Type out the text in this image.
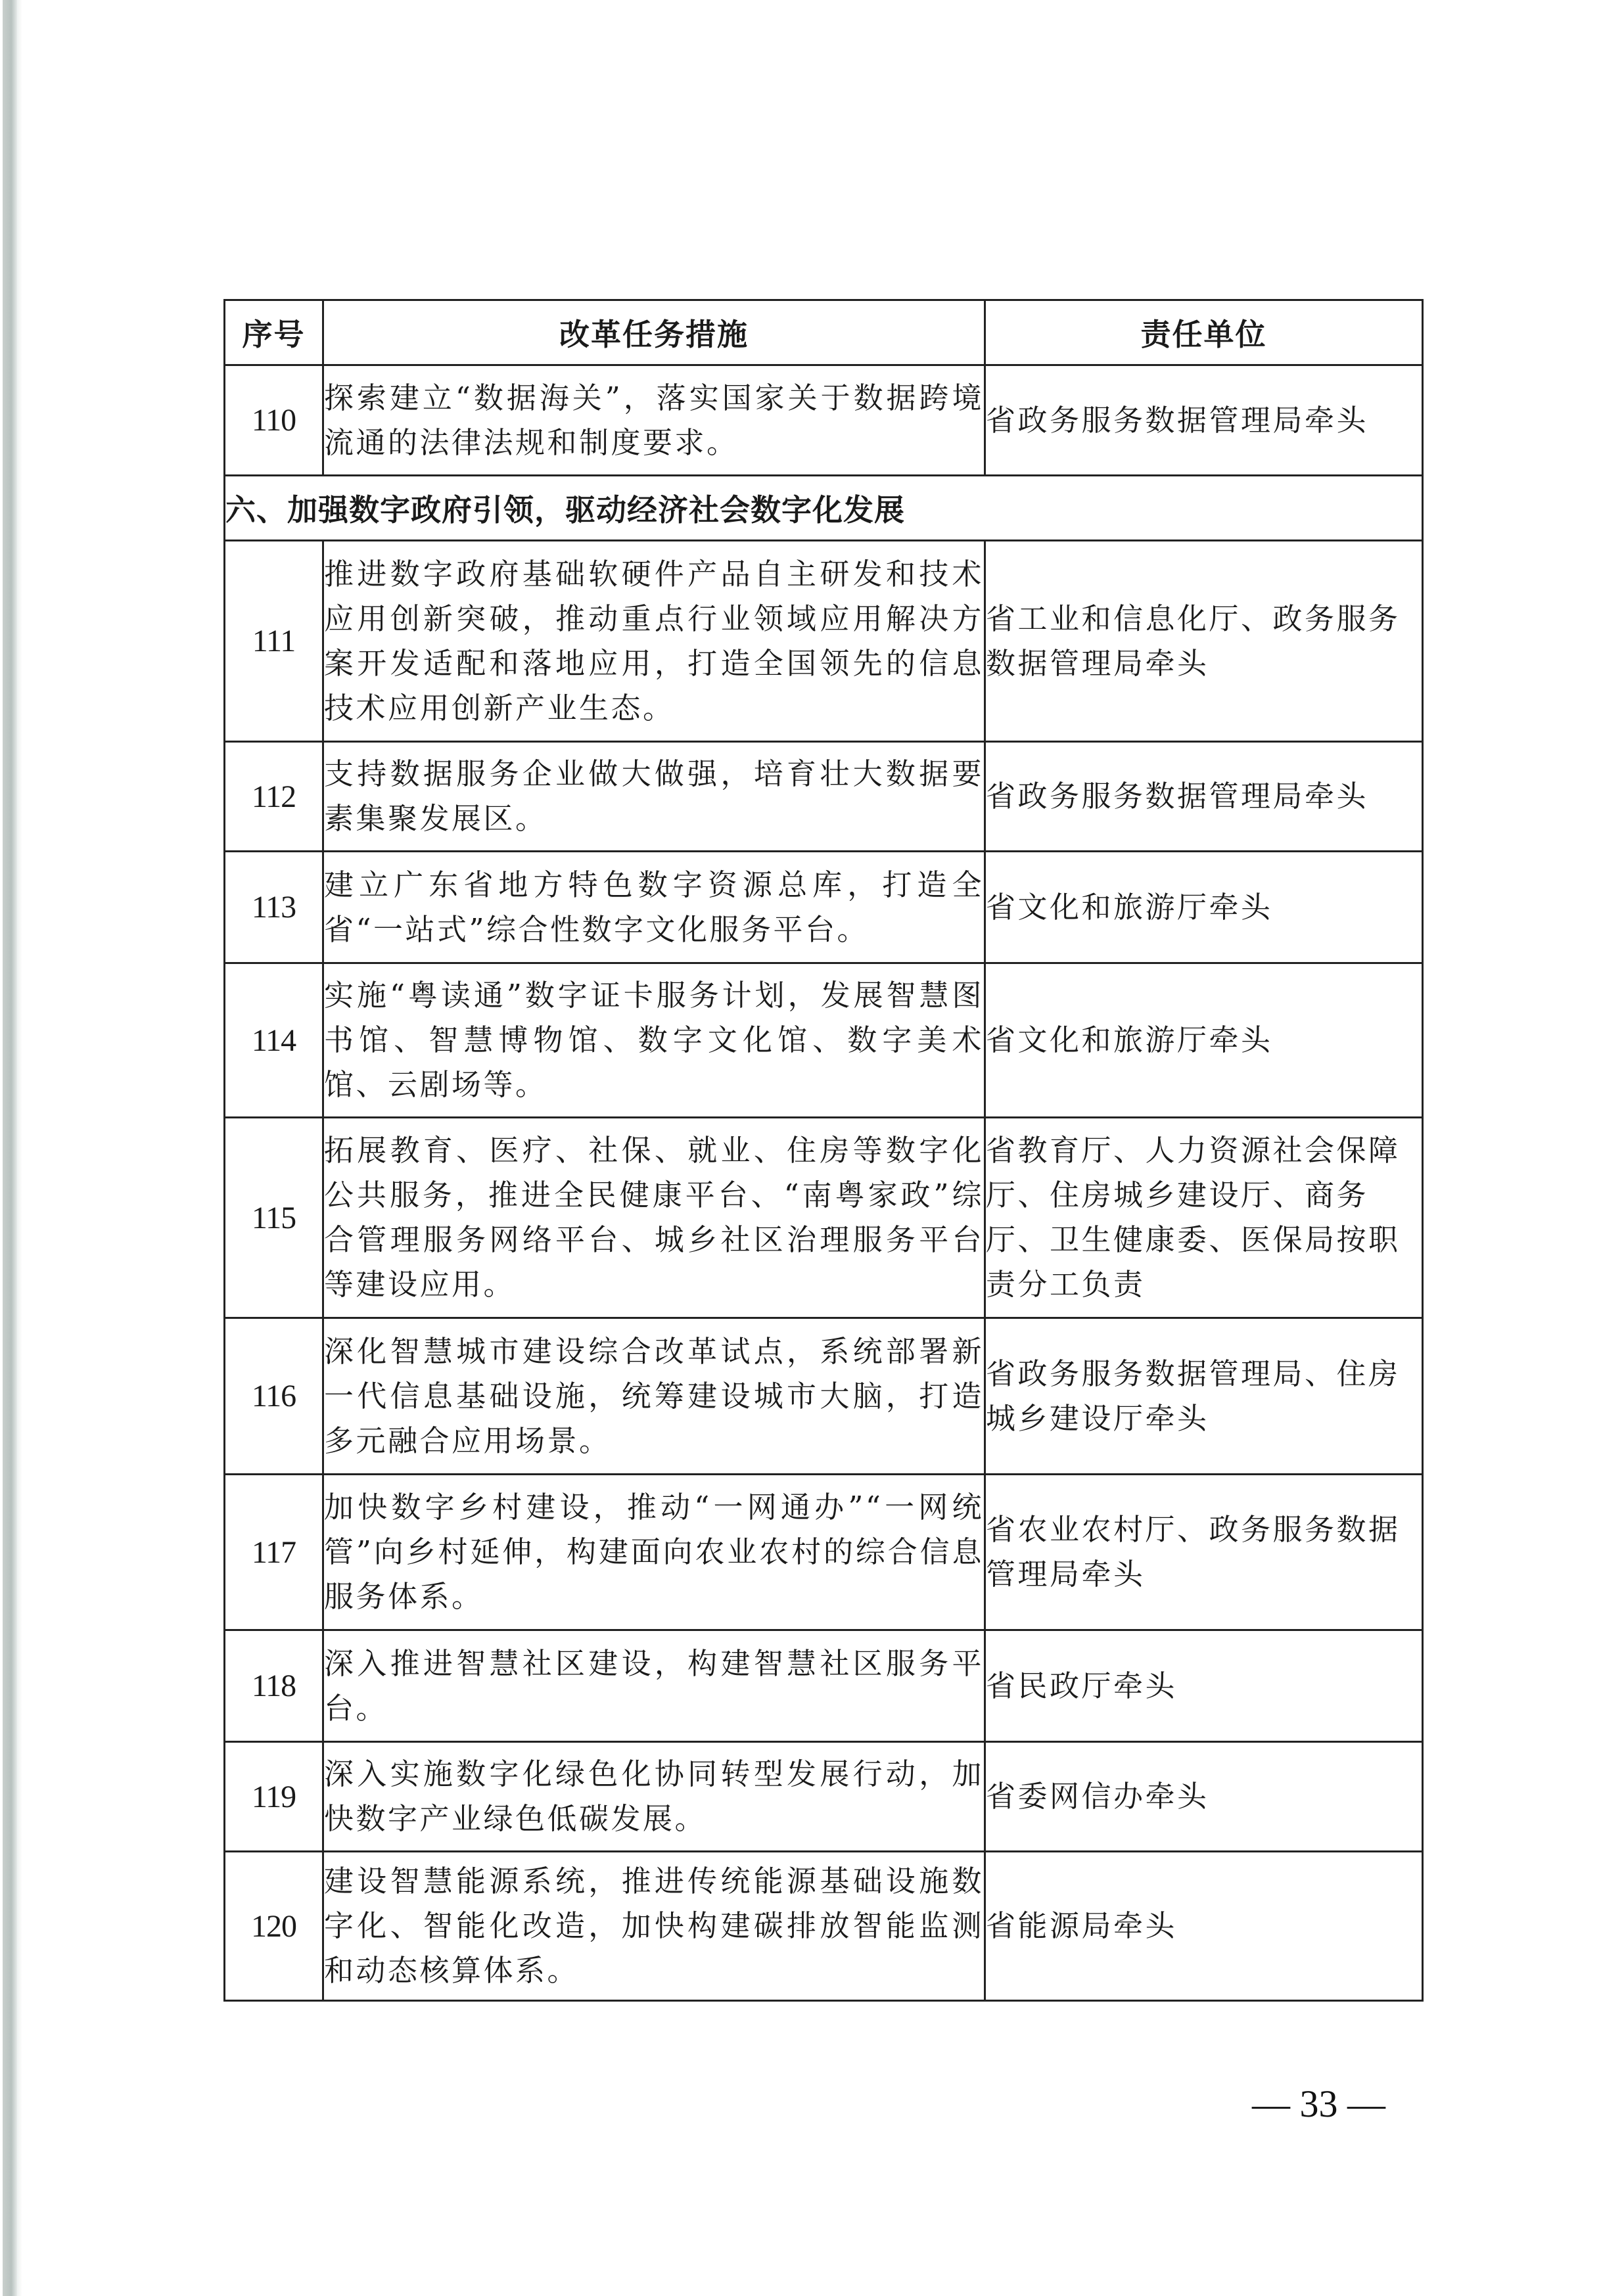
序号	改革任务措施	责任单位
110	探索建立“数据海关”，落实国家关于数据跨境流通的法律法规和制度要求。	省政务服务数据管理局牵头
六、加强数字政府引领，驱动经济社会数字化发展		
111	推进数字政府基础软硬件产品自主研发和技术应用创新突破，推动重点行业领域应用解决方案开发适配和落地应用，打造全国领先的信息技术应用创新产业生态。	省工业和信息化厅、政务服务数据管理局牵头
112	支持数据服务企业做大做强，培育壮大数据要素集聚发展区。	省政务服务数据管理局牵头
113	建立广东省地方特色数字资源总库，打造全省“一站式”综合性数字文化服务平台。	省文化和旅游厅牵头
114	实施“粤读通”数字证卡服务计划，发展智慧图书馆、智慧博物馆、数字文化馆、数字美术馆、云剧场等。	省文化和旅游厅牵头
115	拓展教育、医疗、社保、就业、住房等数字化公共服务，推进全民健康平台、“南粤家政”综合管理服务网络平台、城乡社区治理服务平台等建设应用。	省教育厅、人力资源社会保障厅、住房城乡建设厅、商务厅、卫生健康委、医保局按职责分工负责
116	深化智慧城市建设综合改革试点，系统部署新一代信息基础设施，统筹建设城市大脑，打造多元融合应用场景。	省政务服务数据管理局、住房城乡建设厅牵头
117	加快数字乡村建设，推动“一网通办”“一网统管”向乡村延伸，构建面向农业农村的综合信息服务体系。	省农业农村厅、政务服务数据管理局牵头
118	深入推进智慧社区建设，构建智慧社区服务平台。	省民政厅牵头
119	深入实施数字化绿色化协同转型发展行动，加快数字产业绿色低碳发展。	省委网信办牵头
120	建设智慧能源系统，推进传统能源基础设施数字化、智能化改造，加快构建碳排放智能监测和动态核算体系。	省能源局牵头
— 33 —
